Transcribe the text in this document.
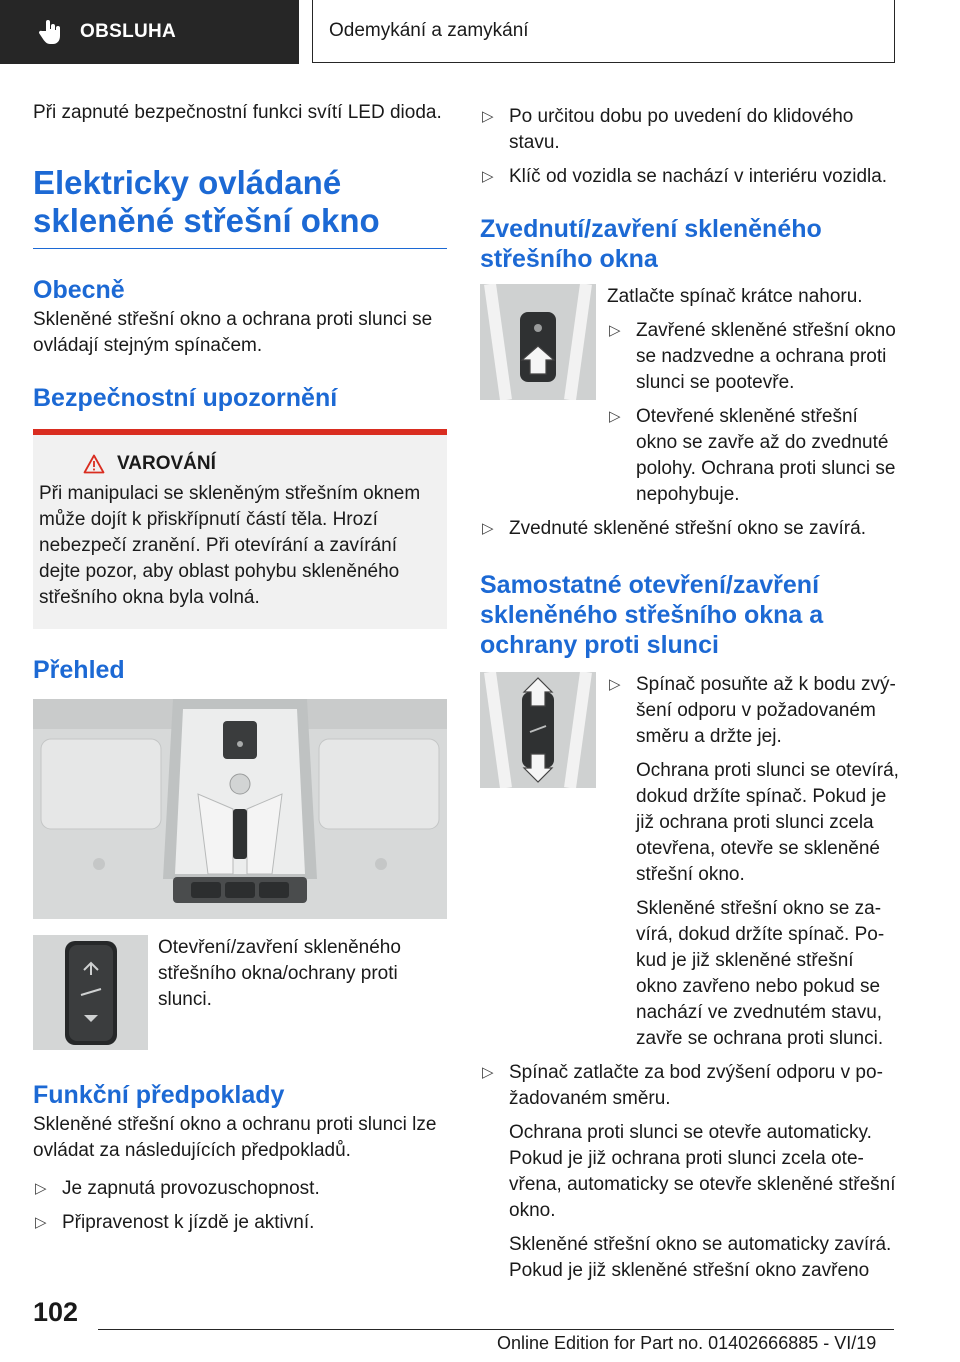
OBSLUHA	Odemykání a zamykání

Při zapnuté bezpečnostní funkci svítí LED dioda.

Elektricky ovládané skleněné střešní okno
Obecně

Skleněné střešní okno a ochrana proti slunci se ovládají stejným spínačem.

Bezpečnostní upozornění
VAROVÁNÍ

Při manipulaci se skleněným střešním oknem může dojít k přiskřípnutí částí těla. Hrozí nebezpečí zranění. Při otevírání a zavírání dejte pozor, aby oblast pohybu skleněného střešního okna byla volná.

Přehled

Otevření/zavření skleněného střešního okna/ochrany proti slunci.

Funkční předpoklady

Skleněné střešní okno a ochranu proti slunci lze ovládat za následujících předpokladů.

▷ Je zapnutá provozuschopnost.
▷ Připravenost k jízdě je aktivní.
▷ Po určitou dobu po uvedení do klidového stavu.
▷ Klíč od vozidla se nachází v interiéru vozidla.
Zvednutí/zavření skleněného střešního okna

Zatlačte spínač krátce nahoru.

▷ Zavřené skleněné střešní okno se nadzvedne a ochrana proti slunci se pootevře.
▷ Otevřené skleněné střešní okno se zavře až do zvednuté polohy. Ochrana proti slunci se nepohybuje.
▷ Zvednuté skleněné střešní okno se zavírá.
Samostatné otevření/zavření skleněného střešního okna a ochrany proti slunci
▷ Spínač posuňte až k bodu zvýšení odporu v požadovaném směru a držte jej.

Ochrana proti slunci se otevírá, dokud držíte spínač. Pokud je již ochrana proti slunci zcela otevřena, otevře se skleněné střešní okno.

Skleněné střešní okno se zavírá, dokud držíte spínač. Pokud je již skleněné střešní okno zavřeno nebo pokud se nachází ve zvednutém stavu, zavře se ochrana proti slunci.

▷ Spínač zatlačte za bod zvýšení odporu v požadovaném směru.

Ochrana proti slunci se otevře automaticky. Pokud je již ochrana proti slunci zcela otevřena, automaticky se otevře skleněné střešní okno.

Skleněné střešní okno se automaticky zavírá. Pokud je již skleněné střešní okno zavřeno

102
Online Edition for Part no. 01402666885 - VI/19
